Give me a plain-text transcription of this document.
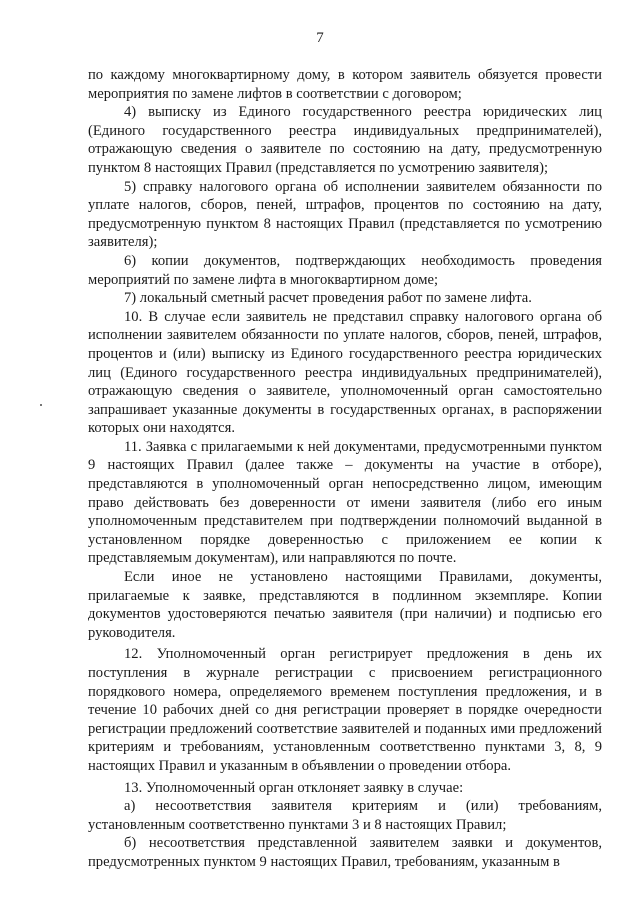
7

по каждому многоквартирному дому, в котором заявитель обязуется провести мероприятия по замене лифтов в соответствии с договором;

4) выписку из Единого государственного реестра юридических лиц (Единого государственного реестра индивидуальных предпринимателей), отражающую сведения о заявителе по состоянию на дату, предусмотренную пунктом 8 настоящих Правил (представляется по усмотрению заявителя);

5) справку налогового органа об исполнении заявителем обязанности по уплате налогов, сборов, пеней, штрафов, процентов по состоянию на дату, предусмотренную пунктом 8 настоящих Правил (представляется по усмотрению заявителя);

6) копии документов, подтверждающих необходимость проведения мероприятий по замене лифта в многоквартирном доме;

7) локальный сметный расчет проведения работ по замене лифта.

10. В случае если заявитель не представил справку налогового органа об исполнении заявителем обязанности по уплате налогов, сборов, пеней, штрафов, процентов и (или) выписку из Единого государственного реестра юридических лиц (Единого государственного реестра индивидуальных предпринимателей), отражающую сведения о заявителе, уполномоченный орган самостоятельно запрашивает указанные документы в государственных органах, в распоряжении которых они находятся.

11. Заявка с прилагаемыми к ней документами, предусмотренными пунктом 9 настоящих Правил (далее также – документы на участие в отборе), представляются в уполномоченный орган непосредственно лицом, имеющим право действовать без доверенности от имени заявителя (либо его иным уполномоченным представителем при подтверждении полномочий выданной в установленном порядке доверенностью с приложением ее копии к представляемым документам), или направляются по почте.

Если иное не установлено настоящими Правилами, документы, прилагаемые к заявке, представляются в подлинном экземпляре. Копии документов удостоверяются печатью заявителя (при наличии) и подписью его руководителя.

12. Уполномоченный орган регистрирует предложения в день их поступления в журнале регистрации с присвоением регистрационного порядкового номера, определяемого временем поступления предложения, и в течение 10 рабочих дней со дня регистрации проверяет в порядке очередности регистрации предложений соответствие заявителей и поданных ими предложений критериям и требованиям, установленным соответственно пунктами 3, 8, 9 настоящих Правил и указанным в объявлении о проведении отбора.

13. Уполномоченный орган отклоняет заявку в случае:

а) несоответствия заявителя критериям и (или) требованиям, установленным соответственно пунктами 3 и 8 настоящих Правил;

б) несоответствия представленной заявителем заявки и документов, предусмотренных пунктом 9 настоящих Правил, требованиям, указанным в
